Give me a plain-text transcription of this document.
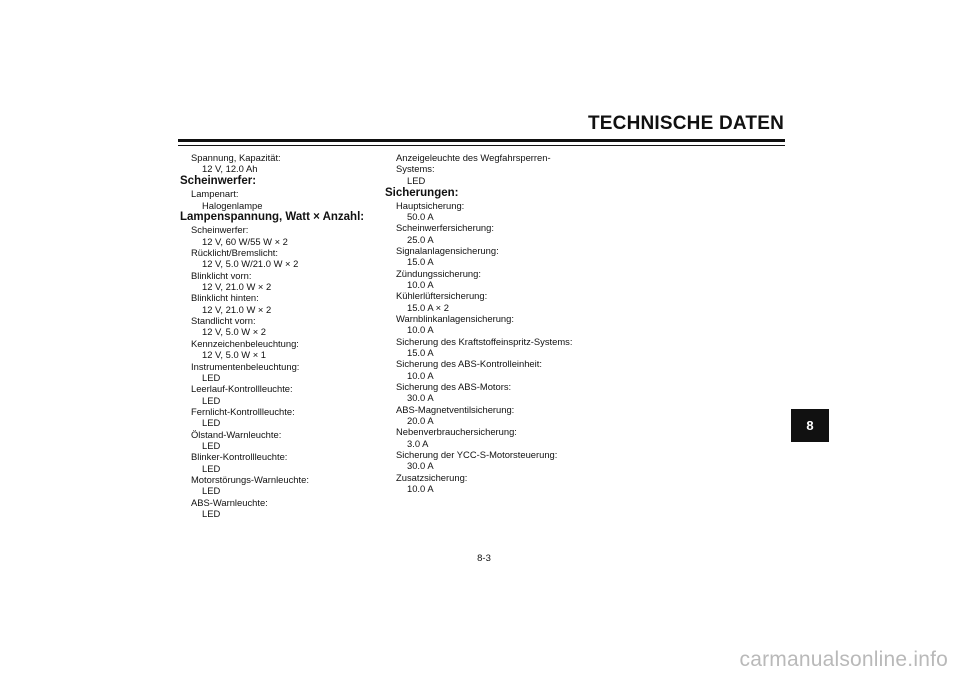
TECHNISCHE DATEN
Spannung, Kapazität:
12 V, 12.0 Ah
Scheinwerfer:
Lampenart:
Halogenlampe
Lampenspannung, Watt × Anzahl:
Scheinwerfer:
12 V, 60 W/55 W × 2
Rücklicht/Bremslicht:
12 V, 5.0 W/21.0 W × 2
Blinklicht vorn:
12 V, 21.0 W × 2
Blinklicht hinten:
12 V, 21.0 W × 2
Standlicht vorn:
12 V, 5.0 W × 2
Kennzeichenbeleuchtung:
12 V, 5.0 W × 1
Instrumentenbeleuchtung:
LED
Leerlauf-Kontrollleuchte:
LED
Fernlicht-Kontrollleuchte:
LED
Ölstand-Warnleuchte:
LED
Blinker-Kontrollleuchte:
LED
Motorstörungs-Warnleuchte:
LED
ABS-Warnleuchte:
LED
Anzeigeleuchte des Wegfahrsperren-
Systems:
LED
Sicherungen:
Hauptsicherung:
50.0 A
Scheinwerfersicherung:
25.0 A
Signalanlagensicherung:
15.0 A
Zündungssicherung:
10.0 A
Kühlerlüftersicherung:
15.0 A × 2
Warnblinkanlagensicherung:
10.0 A
Sicherung des Kraftstoffeinspritz-Systems:
15.0 A
Sicherung des ABS-Kontrolleinheit:
10.0 A
Sicherung des ABS-Motors:
30.0 A
ABS-Magnetventilsicherung:
20.0 A
Nebenverbrauchersicherung:
3.0 A
Sicherung der YCC-S-Motorsteuerung:
30.0 A
Zusatzsicherung:
10.0 A
8
8-3
carmanualsonline.info
